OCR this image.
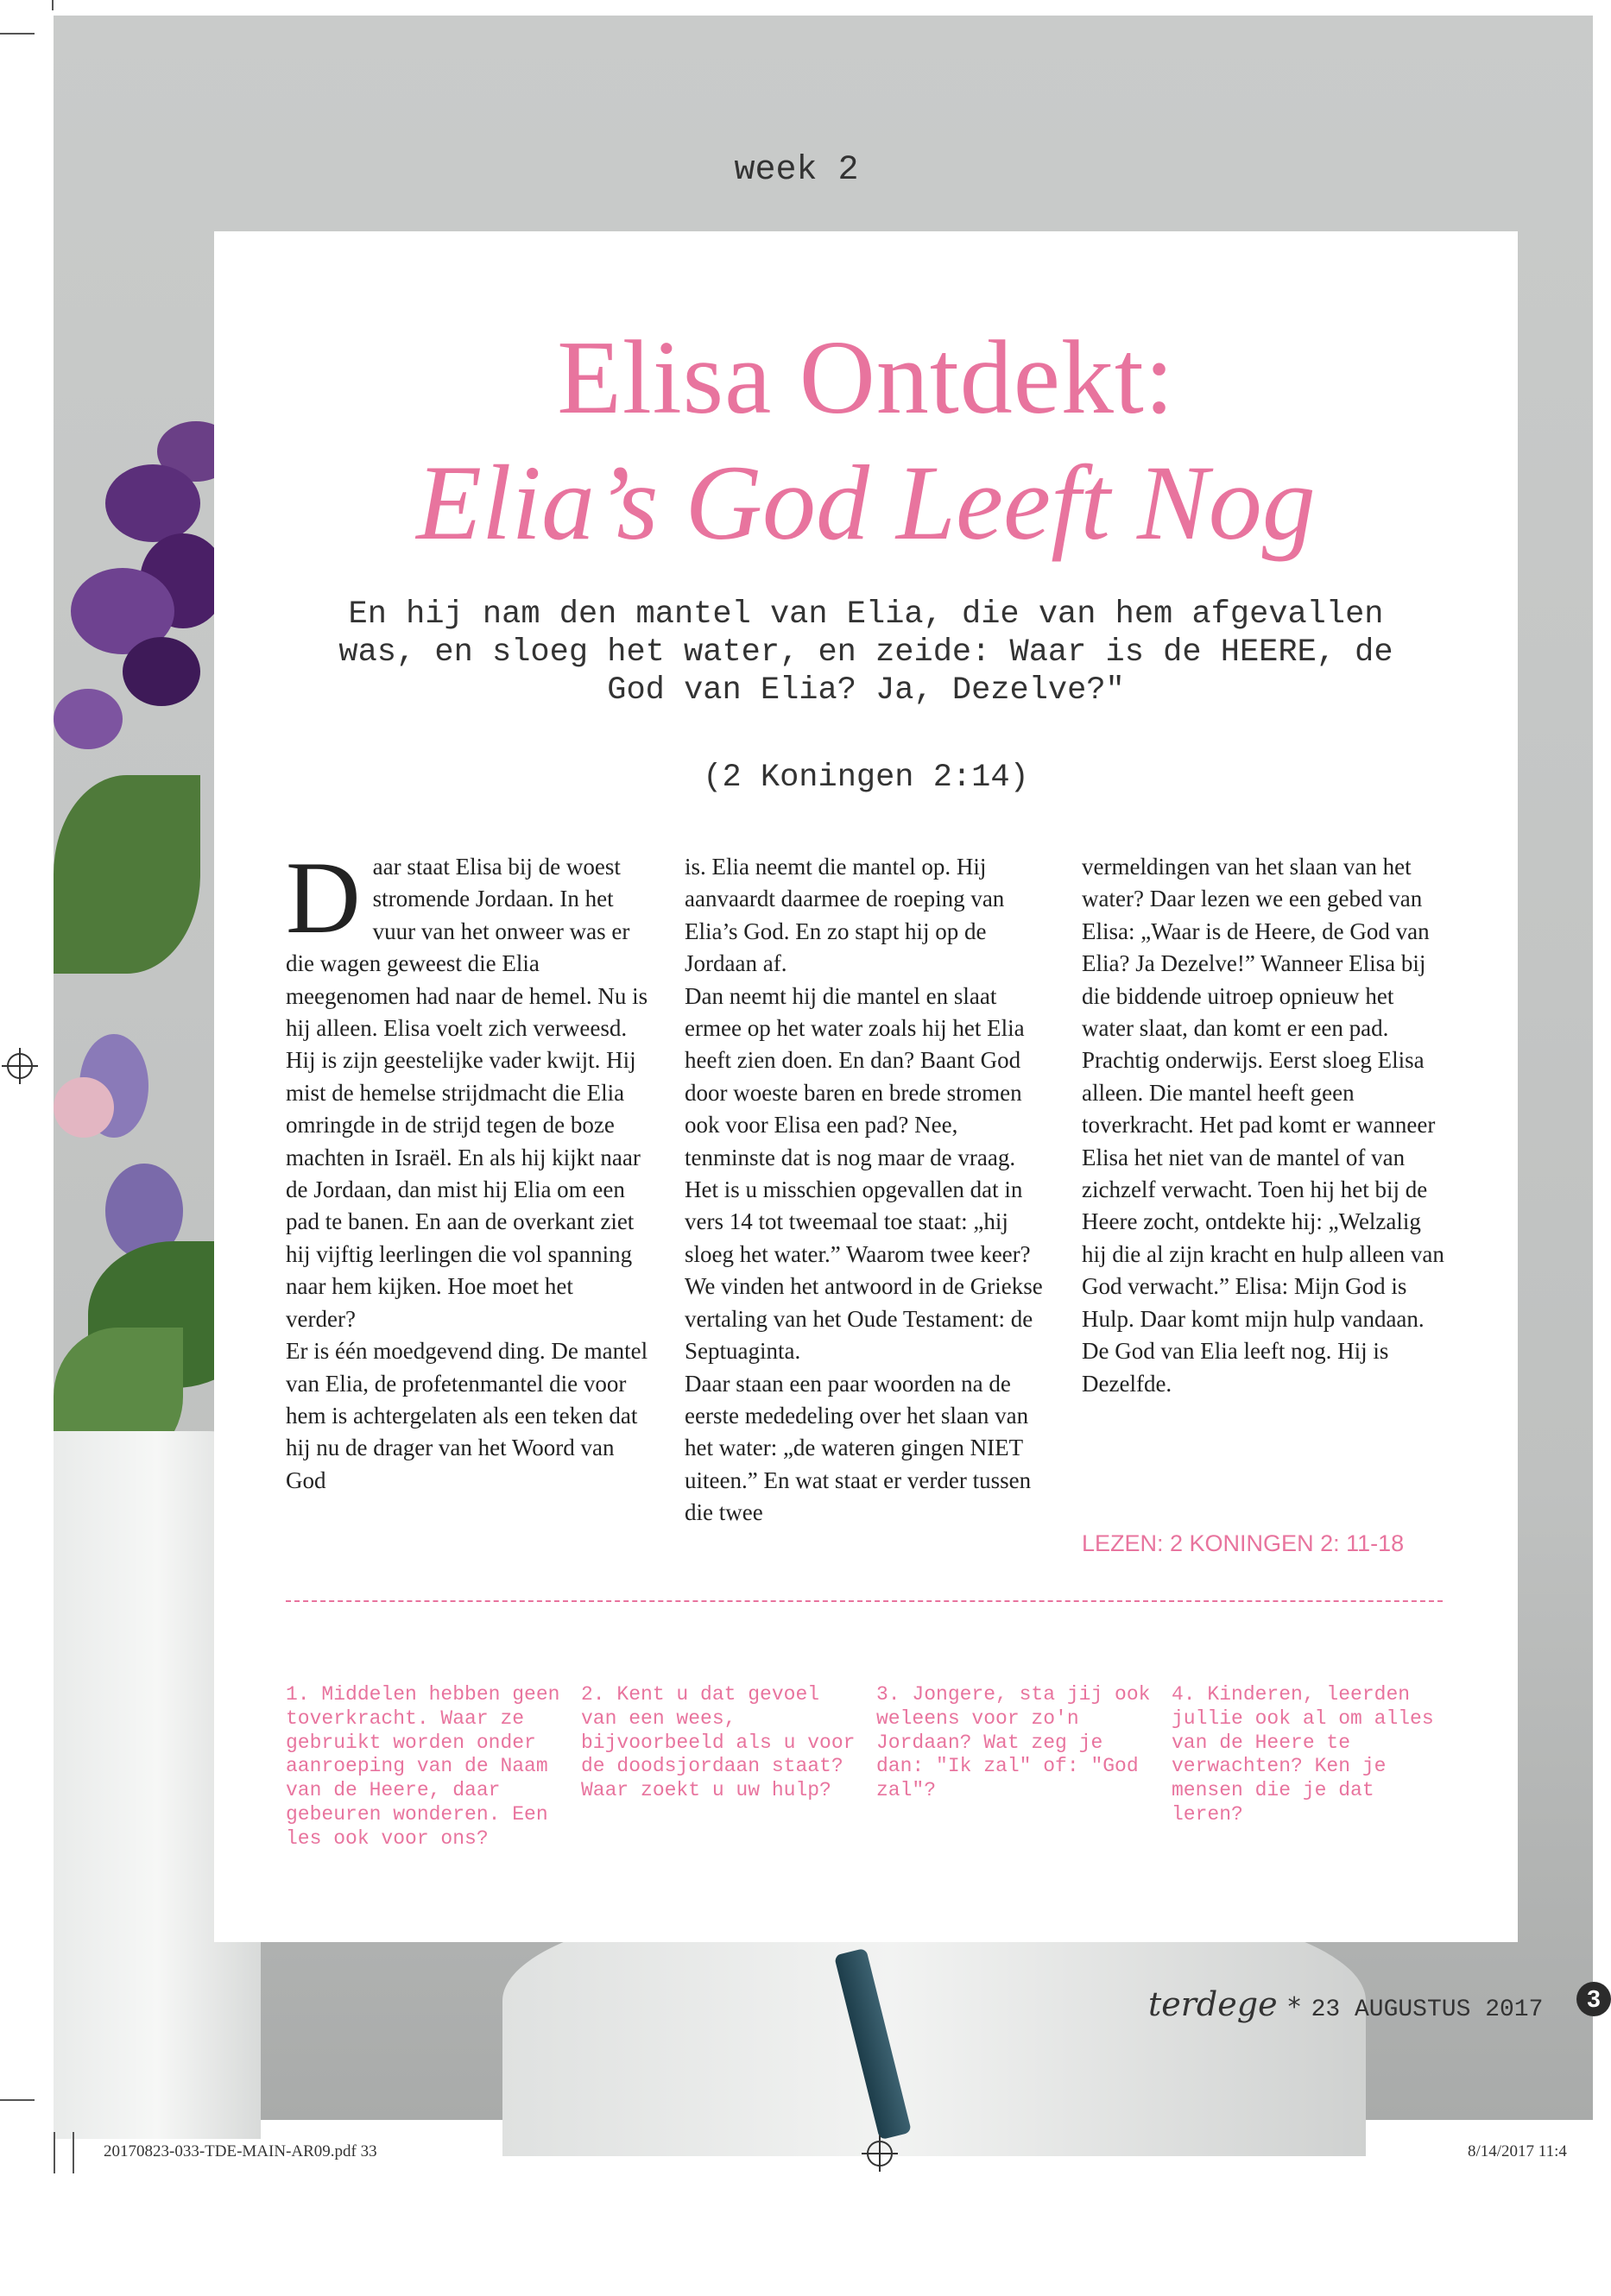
week 2
Elisa Ontdekt:
Elia’s God Leeft Nog
En hij nam den mantel van Elia, die van hem afgevallen was, en sloeg het water, en zeide: Waar is de HEERE, de God van Elia? Ja, Dezelve?"
(2 Koningen 2:14)

Daar staat Elisa bij de woest stromende Jordaan. In het vuur van het onweer was er die wagen geweest die Elia meegenomen had naar de hemel. Nu is hij alleen. Elisa voelt zich verweesd. Hij is zijn geestelijke vader kwijt. Hij mist de hemelse strijdmacht die Elia omringde in de strijd tegen de boze machten in Israël. En als hij kijkt naar de Jordaan, dan mist hij Elia om een pad te banen. En aan de overkant ziet hij vijftig leerlingen die vol spanning naar hem kijken. Hoe moet het verder?

Er is één moedgevend ding. De mantel van Elia, de profetenmantel die voor hem is achtergelaten als een teken dat hij nu de drager van het Woord van God

is. Elia neemt die mantel op. Hij aanvaardt daarmee de roeping van Elia’s God. En zo stapt hij op de Jordaan af.

Dan neemt hij die mantel en slaat ermee op het water zoals hij het Elia heeft zien doen. En dan? Baant God door woeste baren en brede stromen ook voor Elisa een pad? Nee, tenminste dat is nog maar de vraag. Het is u misschien opgevallen dat in vers 14 tot tweemaal toe staat: „hij sloeg het water.” Waarom twee keer? We vinden het antwoord in de Griekse vertaling van het Oude Testament: de Septuaginta.

Daar staan een paar woorden na de eerste mededeling over het slaan van het water: „de wateren gingen NIET uiteen.” En wat staat er verder tussen die twee

vermeldingen van het slaan van het water? Daar lezen we een gebed van Elisa: „Waar is de Heere, de God van Elia? Ja Dezelve!” Wanneer Elisa bij die biddende uitroep opnieuw het water slaat, dan komt er een pad.

Prachtig onderwijs. Eerst sloeg Elisa alleen. Die mantel heeft geen toverkracht. Het pad komt er wanneer Elisa het niet van de mantel of van zichzelf verwacht. Toen hij het bij de Heere zocht, ontdekte hij: „Welzalig hij die al zijn kracht en hulp alleen van God verwacht.” Elisa: Mijn God is Hulp. Daar komt mijn hulp vandaan. De God van Elia leeft nog. Hij is Dezelfde.

LEZEN: 2 KONINGEN 2: 11-18
1. Middelen hebben geen toverkracht. Waar ze gebruikt worden onder aanroeping van de Naam van de Heere, daar gebeuren wonderen. Een les ook voor ons?
2. Kent u dat gevoel van een wees, bijvoorbeeld als u voor de doodsjordaan staat? Waar zoekt u uw hulp?
3. Jongere, sta jij ook weleens voor zo'n Jordaan? Wat zeg je dan: "Ik zal" of: "God zal"?
4. Kinderen, leerden jullie ook al om alles van de Heere te verwachten? Ken je mensen die je dat leren?
terdege * 23 AUGUSTUS 2017	3
20170823-033-TDE-MAIN-AR09.pdf 33	8/14/2017 11:4
